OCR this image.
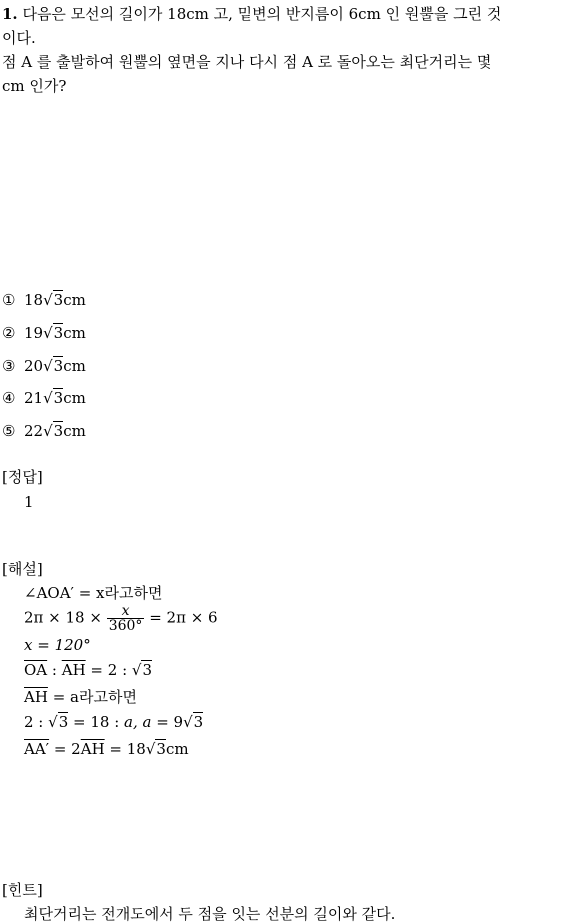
1. 다음은 모선의 길이가 18cm 고, 밑변의 반지름이 6cm 인 원뿔을 그린 것
이다.
점 A 를 출발하여 원뿔의 옆면을 지나 다시 점 A 로 돌아오는 최단거리는 몇
cm 인가?
① 18√3cm
② 19√3cm
③ 20√3cm
④ 21√3cm
⑤ 22√3cm
[정답]
1
[해설]
∠AOA′ = x라고하면
$2\pi \times 18 \times \frac{x}{360^\circ} = 2\pi \times 6$
x = 120°
$\overline{OA}$ : $\overline{AH} = 2$ : √3
$\overline{AH} = a$라고하면
2 : √3 = 18 : a, a = 9√3
$AA' = 2\overline{AH} = 18√3cm$
[힌트]
최단거리는 전개도에서 두 점을 잇는 선분의 길이와 같다.
